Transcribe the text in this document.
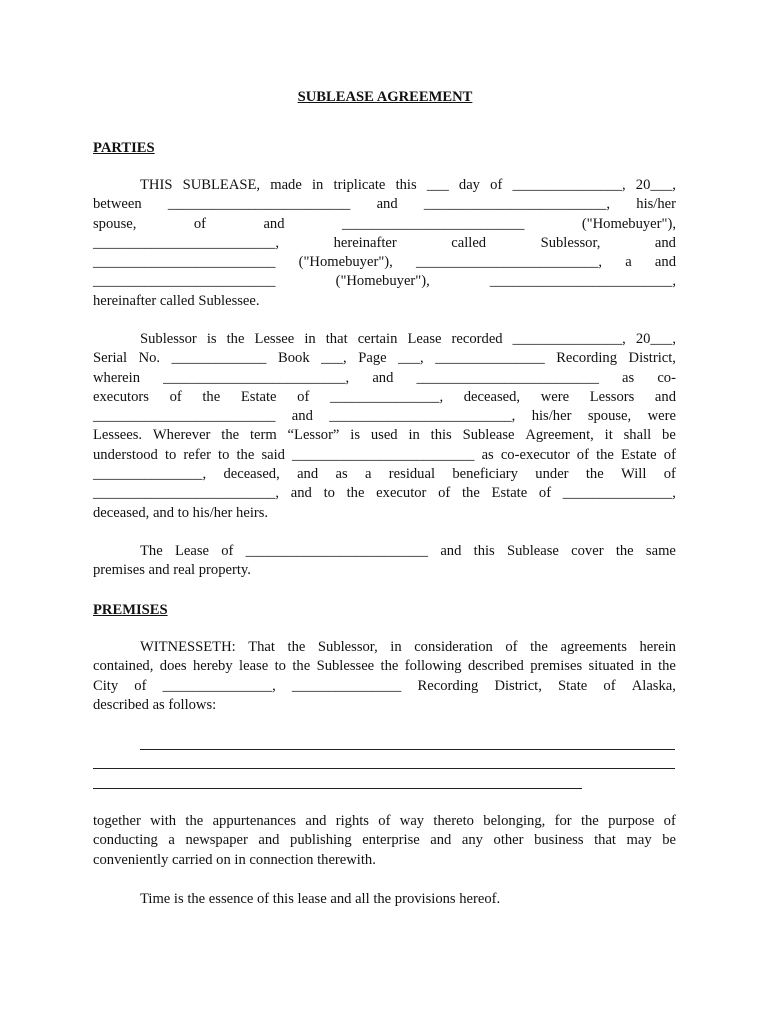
SUBLEASE AGREEMENT
PARTIES
THIS SUBLEASE, made in triplicate this ___ day of _______________, 20___,
between _________________________ and _________________________, his/her
spouse,	of	and	_________________________	("Homebuyer"),
_________________________,	hereinafter	called	Sublessor,	and
_________________________ ("Homebuyer"), _________________________, a and
_________________________	("Homebuyer"),	_________________________,
hereinafter called Sublessee.
Sublessor is the Lessee in that certain Lease recorded _______________, 20___,
Serial No. _____________ Book ___, Page ___, _______________ Recording District,
wherein _________________________, and _________________________ as co-
executors of the Estate of _______________, deceased, were Lessors and
_________________________ and _________________________, his/her spouse, were
Lessees. Wherever the term “Lessor” is used in this Sublease Agreement, it shall be
understood to refer to the said _________________________ as co-executor of the Estate of
_______________, deceased, and as a residual beneficiary under the Will of
_________________________, and to the executor of the Estate of _______________,
deceased, and to his/her heirs.
The Lease of _________________________ and this Sublease cover the same
premises and real property.
PREMISES
WITNESSETH: That the Sublessor, in consideration of the agreements herein
contained, does hereby lease to the Sublessee the following described premises situated in the
City of _______________, _______________ Recording District, State of Alaska,
described as follows:
together with the appurtenances and rights of way thereto belonging, for the purpose of
conducting a newspaper and publishing enterprise and any other business that may be
conveniently carried on in connection therewith.
Time is the essence of this lease and all the provisions hereof.
